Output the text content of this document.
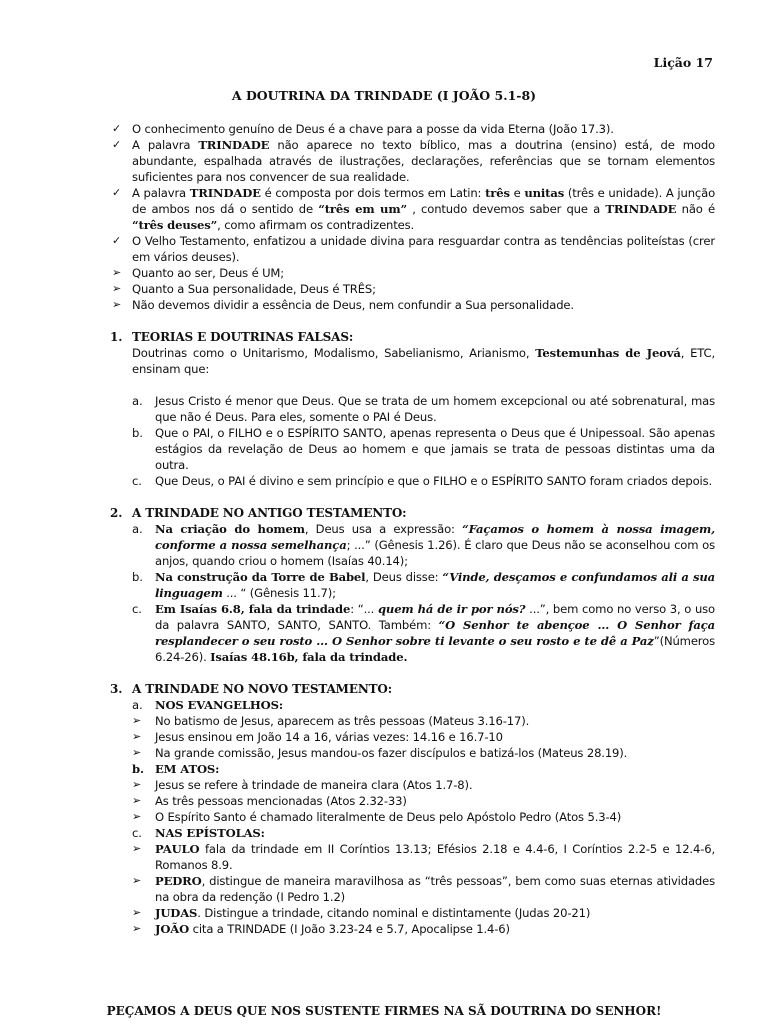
Lição 17
A DOUTRINA DA TRINDADE (I JOÃO 5.1-8)
✓ O conhecimento genuíno de Deus é a chave para a posse da vida Eterna (João 17.3).
✓ A palavra TRINDADE não aparece no texto bíblico, mas a doutrina (ensino) está, de modo abundante, espalhada através de ilustrações, declarações, referências que se tornam elementos suficientes para nos convencer de sua realidade.
✓ A palavra TRINDADE é composta por dois termos em Latin: três e unitas (três e unidade). A junção de ambos nos dá o sentido de “três em um” , contudo devemos saber que a TRINDADE não é “três deuses”, como afirmam os contradizentes.
✓ O Velho Testamento, enfatizou a unidade divina para resguardar contra as tendências politeístas (crer em vários deuses).
➢ Quanto ao ser, Deus é UM;
➢ Quanto a Sua personalidade, Deus é TRÊS;
➢ Não devemos dividir a essência de Deus, nem confundir a Sua personalidade.
1. TEORIAS E DOUTRINAS FALSAS:
Doutrinas como o Unitarismo, Modalismo, Sabelianismo, Arianismo, Testemunhas de Jeová, ETC, ensinam que:
a. Jesus Cristo é menor que Deus. Que se trata de um homem excepcional ou até sobrenatural, mas que não é Deus. Para eles, somente o PAI é Deus.
b. Que o PAI, o FILHO e o ESPÍRITO SANTO, apenas representa o Deus que é Unipessoal. São apenas estágios da revelação de Deus ao homem e que jamais se trata de pessoas distintas uma da outra.
c. Que Deus, o PAI é divino e sem princípio e que o FILHO e o ESPÍRITO SANTO foram criados depois.
2. A TRINDADE NO ANTIGO TESTAMENTO:
a. Na criação do homem, Deus usa a expressão: “Façamos o homem à nossa imagem, conforme a nossa semelhança; ...” (Gênesis 1.26). É claro que Deus não se aconselhou com os anjos, quando criou o homem (Isaías 40.14);
b. Na construção da Torre de Babel, Deus disse: “Vinde, desçamos e confundamos ali a sua linguagem ... “ (Gênesis 11.7);
c. Em Isaías 6.8, fala da trindade: “... quem há de ir por nós? ...”, bem como no verso 3, o uso da palavra SANTO, SANTO, SANTO. Também: “O Senhor te abençoe ... O Senhor faça resplandecer o seu rosto ... O Senhor sobre ti levante o seu rosto e te dê a Paz”(Números 6.24-26). Isaías 48.16b, fala da trindade.
3. A TRINDADE NO NOVO TESTAMENTO:
a. NOS EVANGELHOS:
➢	No batismo de Jesus, aparecem as três pessoas (Mateus 3.16-17).
➢	Jesus ensinou em João 14 a 16, várias vezes: 14.16 e 16.7-10
➢	Na grande comissão, Jesus mandou-os fazer discípulos e batizá-los (Mateus 28.19).
b. EM ATOS:
➢	Jesus se refere à trindade de maneira clara (Atos 1.7-8).
➢	As três pessoas mencionadas (Atos 2.32-33)
➢	O Espírito Santo é chamado literalmente de Deus pelo Apóstolo Pedro (Atos 5.3-4)
c. NAS EPÍSTOLAS:
➢	PAULO fala da trindade em II Coríntios 13.13; Efésios 2.18 e 4.4-6, I Coríntios 2.2-5 e 12.4-6, Romanos 8.9.
➢	PEDRO, distingue de maneira maravilhosa as “três pessoas”, bem como suas eternas atividades na obra da redenção (I Pedro 1.2)
➢	JUDAS. Distingue a trindade, citando nominal e distintamente (Judas 20-21)
➢	JOÃO cita a TRINDADE (I João 3.23-24 e 5.7, Apocalipse 1.4-6)
PEÇAMOS A DEUS QUE NOS SUSTENTE FIRMES NA SÃ DOUTRINA DO SENHOR!
